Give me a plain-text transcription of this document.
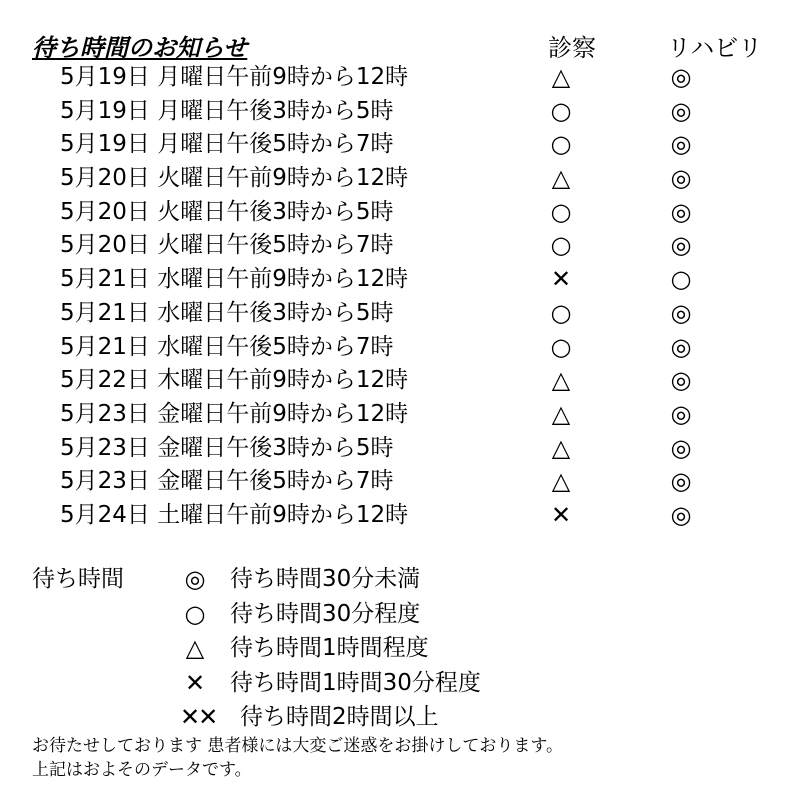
待ち時間のお知らせ	診察	リハビリ
5月19日 月曜日午前9時から12時	△	◎
5月19日 月曜日午後3時から5時	○	◎
5月19日 月曜日午後5時から7時	○	◎
5月20日 火曜日午前9時から12時	△	◎
5月20日 火曜日午後3時から5時	○	◎
5月20日 火曜日午後5時から7時	○	◎
5月21日 水曜日午前9時から12時	✕	○
5月21日 水曜日午後3時から5時	○	◎
5月21日 水曜日午後5時から7時	○	◎
5月22日 木曜日午前9時から12時	△	◎
5月23日 金曜日午前9時から12時	△	◎
5月23日 金曜日午後3時から5時	△	◎
5月23日 金曜日午後5時から7時	△	◎
5月24日 土曜日午前9時から12時	✕	◎
待ち時間	◎ 待ち時間30分未満
○ 待ち時間30分程度
△ 待ち時間1時間程度
✕ 待ち時間1時間30分程度
✕✕ 待ち時間2時間以上
お待たせしております 患者様には大変ご迷惑をお掛けしております。
上記はおよそのデータです。
